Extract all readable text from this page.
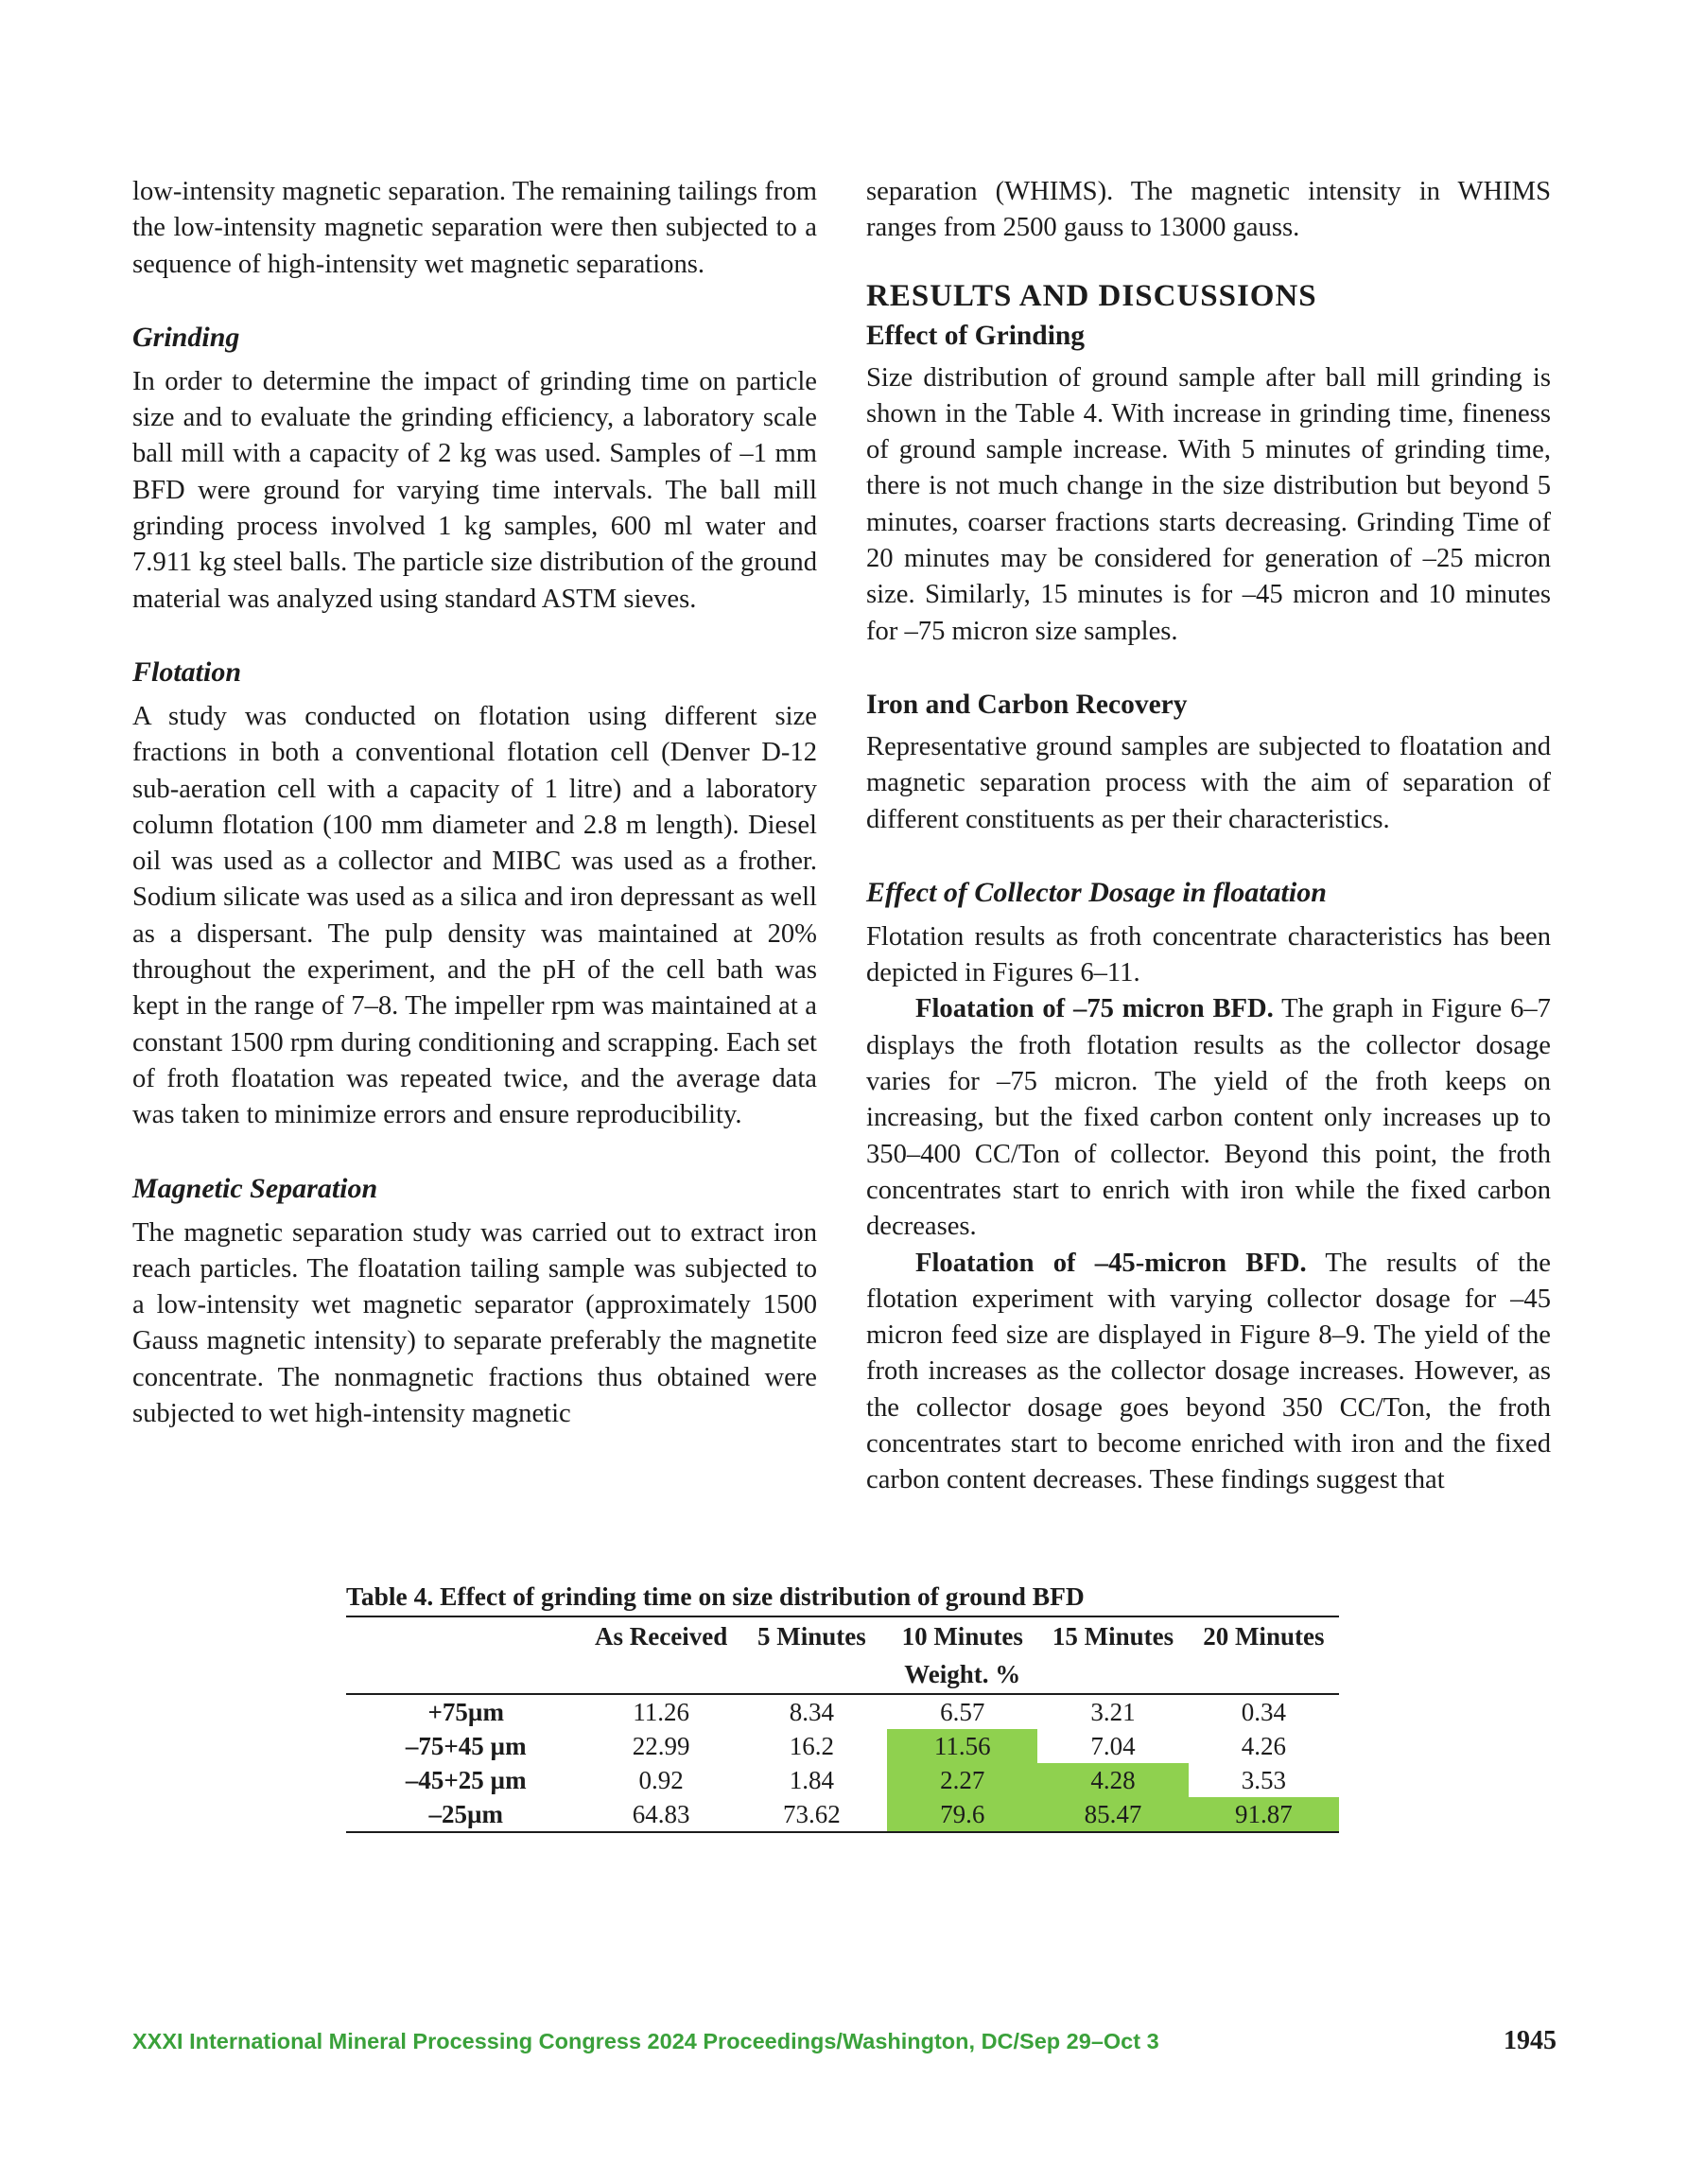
low-intensity magnetic separation. The remaining tailings from the low-intensity magnetic separation were then subjected to a sequence of high-intensity wet magnetic separations.

Grinding

In order to determine the impact of grinding time on particle size and to evaluate the grinding efficiency, a laboratory scale ball mill with a capacity of 2 kg was used. Samples of –1 mm BFD were ground for varying time intervals. The ball mill grinding process involved 1 kg samples, 600 ml water and 7.911 kg steel balls. The particle size distribution of the ground material was analyzed using standard ASTM sieves.

Flotation

A study was conducted on flotation using different size fractions in both a conventional flotation cell (Denver D-12 sub-aeration cell with a capacity of 1 litre) and a laboratory column flotation (100 mm diameter and 2.8 m length). Diesel oil was used as a collector and MIBC was used as a frother. Sodium silicate was used as a silica and iron depressant as well as a dispersant. The pulp density was maintained at 20% throughout the experiment, and the pH of the cell bath was kept in the range of 7–8. The impeller rpm was maintained at a constant 1500 rpm during conditioning and scrapping. Each set of froth floatation was repeated twice, and the average data was taken to minimize errors and ensure reproducibility.

Magnetic Separation

The magnetic separation study was carried out to extract iron reach particles. The floatation tailing sample was subjected to a low-intensity wet magnetic separator (approximately 1500 Gauss magnetic intensity) to separate preferably the magnetite concentrate. The nonmagnetic fractions thus obtained were subjected to wet high-intensity magnetic

separation (WHIMS). The magnetic intensity in WHIMS ranges from 2500 gauss to 13000 gauss.

RESULTS AND DISCUSSIONS
Effect of Grinding

Size distribution of ground sample after ball mill grinding is shown in the Table 4. With increase in grinding time, fineness of ground sample increase. With 5 minutes of grinding time, there is not much change in the size distribution but beyond 5 minutes, coarser fractions starts decreasing. Grinding Time of 20 minutes may be considered for generation of –25 micron size. Similarly, 15 minutes is for –45 micron and 10 minutes for –75 micron size samples.

Iron and Carbon Recovery

Representative ground samples are subjected to floatation and magnetic separation process with the aim of separation of different constituents as per their characteristics.

Effect of Collector Dosage in floatation

Flotation results as froth concentrate characteristics has been depicted in Figures 6–11.

Floatation of –75 micron BFD. The graph in Figure 6–7 displays the froth flotation results as the collector dosage varies for –75 micron. The yield of the froth keeps on increasing, but the fixed carbon content only increases up to 350–400 CC/Ton of collector. Beyond this point, the froth concentrates start to enrich with iron while the fixed carbon decreases.

Floatation of –45-micron BFD. The results of the flotation experiment with varying collector dosage for –45 micron feed size are displayed in Figure 8–9. The yield of the froth increases as the collector dosage increases. However, as the collector dosage goes beyond 350 CC/Ton, the froth concentrates start to become enriched with iron and the fixed carbon content decreases. These findings suggest that

Table 4. Effect of grinding time on size distribution of ground BFD
	As Received	5 Minutes	10 Minutes	15 Minutes	20 Minutes
	Weight. %				
+75µm	11.26	8.34	6.57	3.21	0.34
–75+45 µm	22.99	16.2	11.56	7.04	4.26
–45+25 µm	0.92	1.84	2.27	4.28	3.53
–25µm	64.83	73.62	79.6	85.47	91.87
XXXI International Mineral Processing Congress 2024 Proceedings/Washington, DC/Sep 29–Oct 3	1945
